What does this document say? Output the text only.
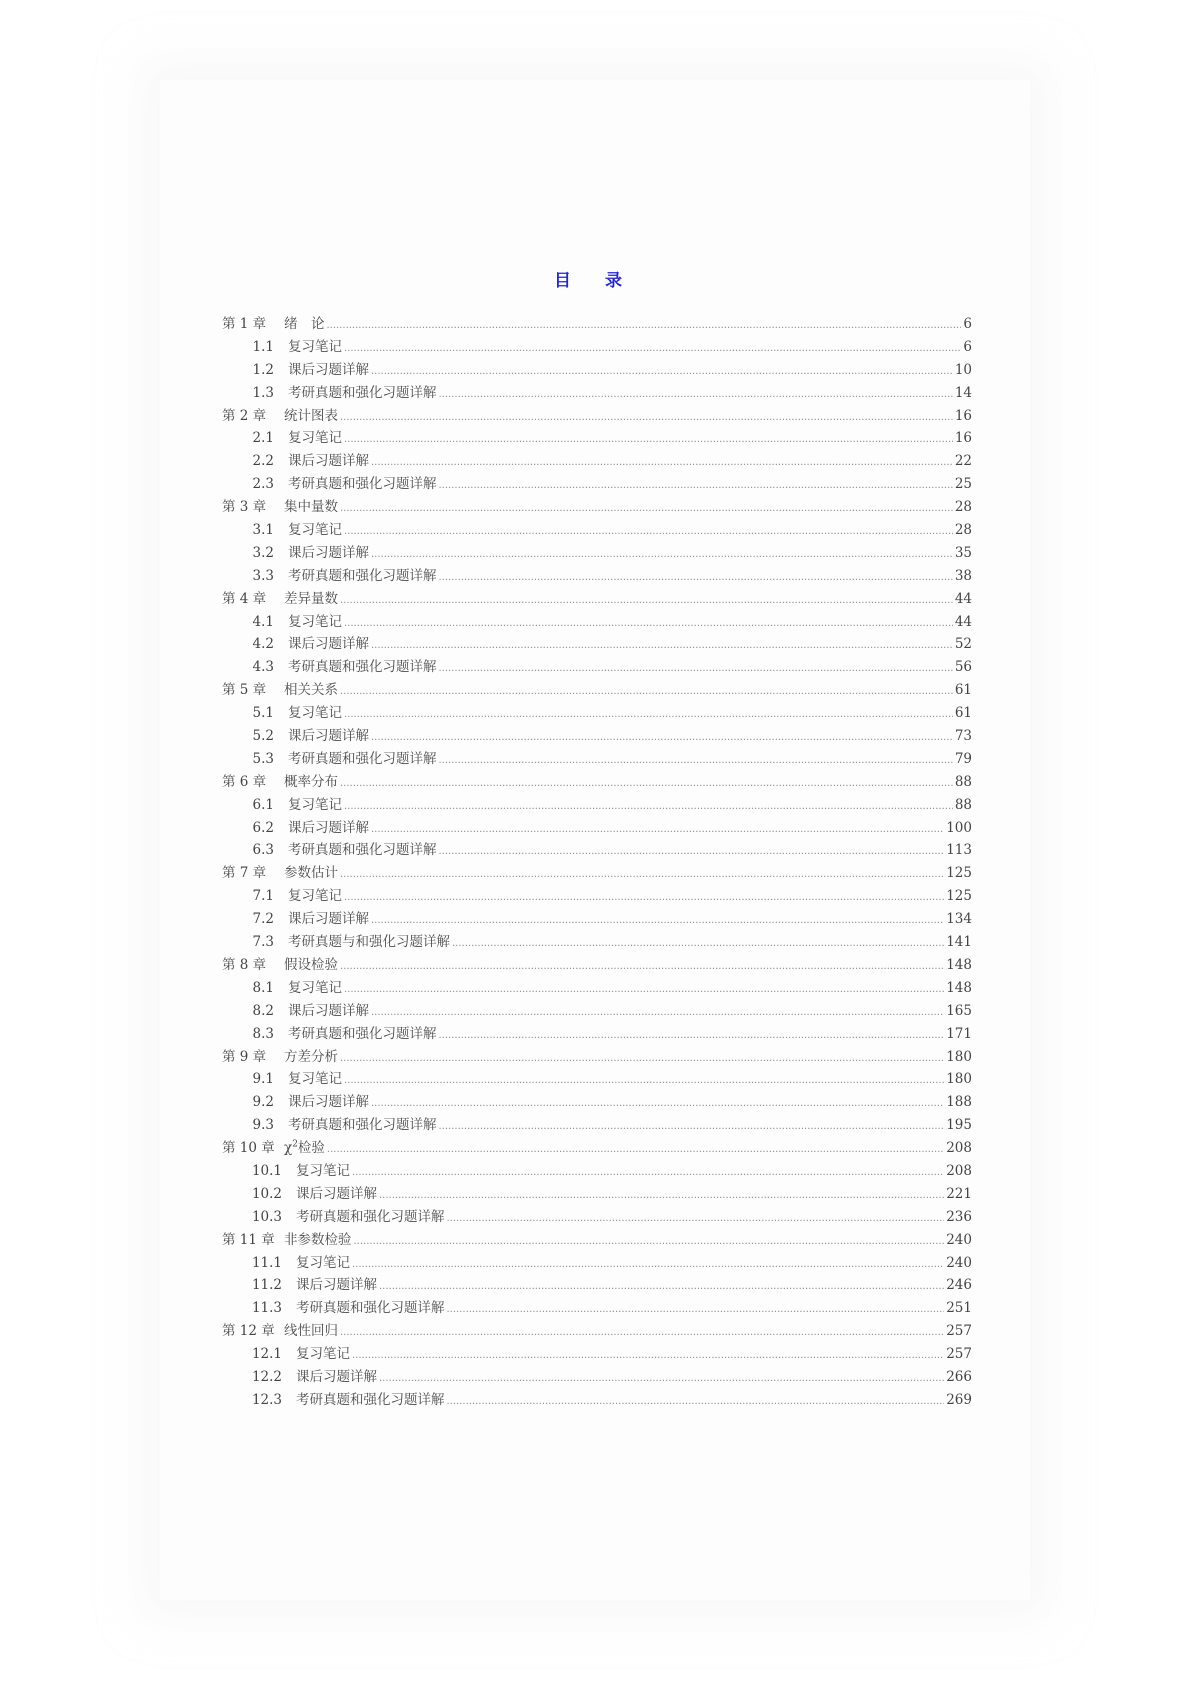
目 录
第 1 章	绪　论 .....	6
1.1 复习笔记 .....	6
1.2 课后习题详解 .....	10
1.3 考研真题和强化习题详解 .....	14
第 2 章	统计图表 .....	16
2.1 复习笔记 .....	16
2.2 课后习题详解 .....	22
2.3 考研真题和强化习题详解 .....	25
第 3 章	集中量数 .....	28
3.1 复习笔记 .....	28
3.2 课后习题详解 .....	35
3.3 考研真题和强化习题详解 .....	38
第 4 章	差异量数 .....	44
4.1 复习笔记 .....	44
4.2 课后习题详解 .....	52
4.3 考研真题和强化习题详解 .....	56
第 5 章	相关关系 .....	61
5.1 复习笔记 .....	61
5.2 课后习题详解 .....	73
5.3 考研真题和强化习题详解 .....	79
第 6 章	概率分布 .....	88
6.1 复习笔记 .....	88
6.2 课后习题详解 .....	100
6.3 考研真题和强化习题详解 .....	113
第 7 章	参数估计 .....	125
7.1 复习笔记 .....	125
7.2 课后习题详解 .....	134
7.3 考研真题与和强化习题详解 .....	141
第 8 章	假设检验 .....	148
8.1 复习笔记 .....	148
8.2 课后习题详解 .....	165
8.3 考研真题和强化习题详解 .....	171
第 9 章	方差分析 .....	180
9.1 复习笔记 .....	180
9.2 课后习题详解 .....	188
9.3 考研真题和强化习题详解 .....	195
第 10 章 $\chi^2$检验 .....	208
10.1 复习笔记 .....	208
10.2 课后习题详解 .....	221
10.3 考研真题和强化习题详解 .....	236
第 11 章 非参数检验 .....	240
11.1 复习笔记 .....	240
11.2 课后习题详解 .....	246
11.3 考研真题和强化习题详解 .....	251
第 12 章 线性回归 .....	257
12.1 复习笔记 .....	257
12.2 课后习题详解 .....	266
12.3 考研真题和强化习题详解 .....	269
